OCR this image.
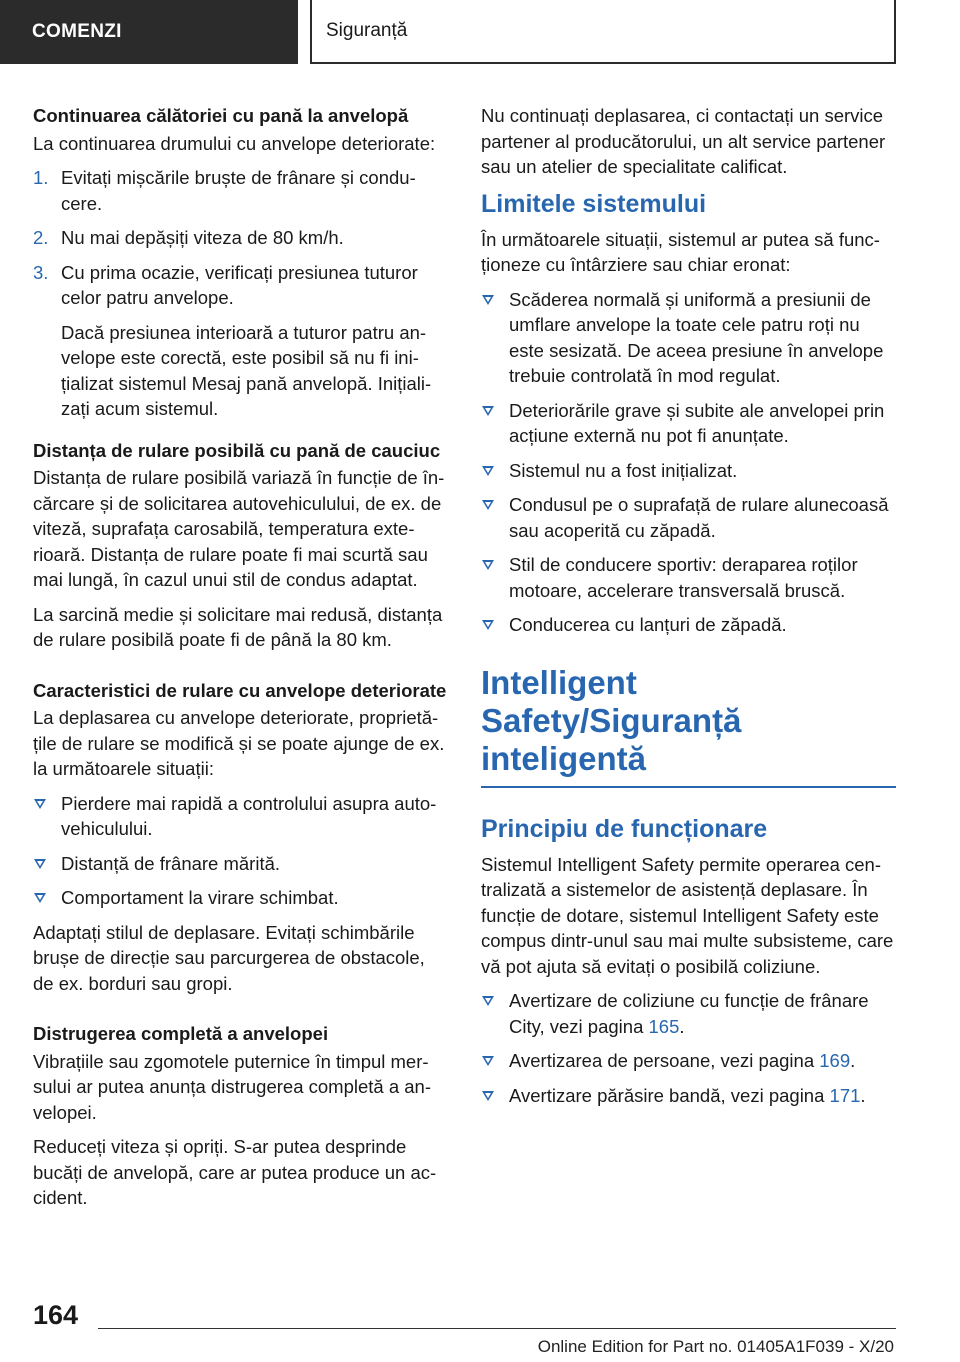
COMENZI	Siguranță
Continuarea călătoriei cu pană la anvelopă

La continuarea drumului cu anvelope deteriorate:

1. Evitați mișcările bruște de frânare și condu-cere.
2. Nu mai depășiți viteza de 80 km/h.
3. Cu prima ocazie, verificați presiunea tuturor celor patru anvelope.
Dacă presiunea interioară a tuturor patru an-velope este corectă, este posibil să nu fi ini-țializat sistemul Mesaj pană anvelopă. Inițiali-zați acum sistemul.
Distanța de rulare posibilă cu pană de cauciuc

Distanța de rulare posibilă variază în funcție de în-cărcare și de solicitarea autovehiculului, de ex. de viteză, suprafața carosabilă, temperatura exte-rioară. Distanța de rulare poate fi mai scurtă sau mai lungă, în cazul unui stil de condus adaptat.

La sarcină medie și solicitare mai redusă, distanța de rulare posibilă poate fi de până la 80 km.

Caracteristici de rulare cu anvelope deteriorate

La deplasarea cu anvelope deteriorate, proprietă-țile de rulare se modifică și se poate ajunge de ex. la următoarele situații:

Pierdere mai rapidă a controlului asupra auto-vehiculului.
Distanță de frânare mărită.
Comportament la virare schimbat.

Adaptați stilul de deplasare. Evitați schimbările brușe de direcție sau parcurgerea de obstacole, de ex. borduri sau gropi.

Distrugerea completă a anvelopei

Vibrațiile sau zgomotele puternice în timpul mer-sului ar putea anunța distrugerea completă a an-velopei.

Reduceți viteza și opriți. S-ar putea desprinde bucăți de anvelopă, care ar putea produce un ac-cident.

Nu continuați deplasarea, ci contactați un service partener al producătorului, un alt service partener sau un atelier de specialitate calificat.

Limitele sistemului

În următoarele situații, sistemul ar putea să func-ționeze cu întârziere sau chiar eronat:

Scăderea normală și uniformă a presiunii de umflare anvelope la toate cele patru roți nu este sesizată. De aceea presiune în anvelope trebuie controlată în mod regulat.
Deteriorările grave și subite ale anvelopei prin acțiune externă nu pot fi anunțate.
Sistemul nu a fost inițializat.
Condusul pe o suprafață de rulare alunecoasă sau acoperită cu zăpadă.
Stil de conducere sportiv: deraparea roților motoare, accelerare transversală bruscă.
Conducerea cu lanțuri de zăpadă.
Intelligent Safety/Siguranță inteligentă
Principiu de funcționare

Sistemul Intelligent Safety permite operarea cen-tralizată a sistemelor de asistență deplasare. În funcție de dotare, sistemul Intelligent Safety este compus dintr-unul sau mai multe subsisteme, care vă pot ajuta să evitați o posibilă coliziune.

Avertizare de coliziune cu funcție de frânare City, vezi pagina 165.
Avertizarea de persoane, vezi pagina 169.
Avertizare părăsire bandă, vezi pagina 171.
164
Online Edition for Part no. 01405A1F039 - X/20
